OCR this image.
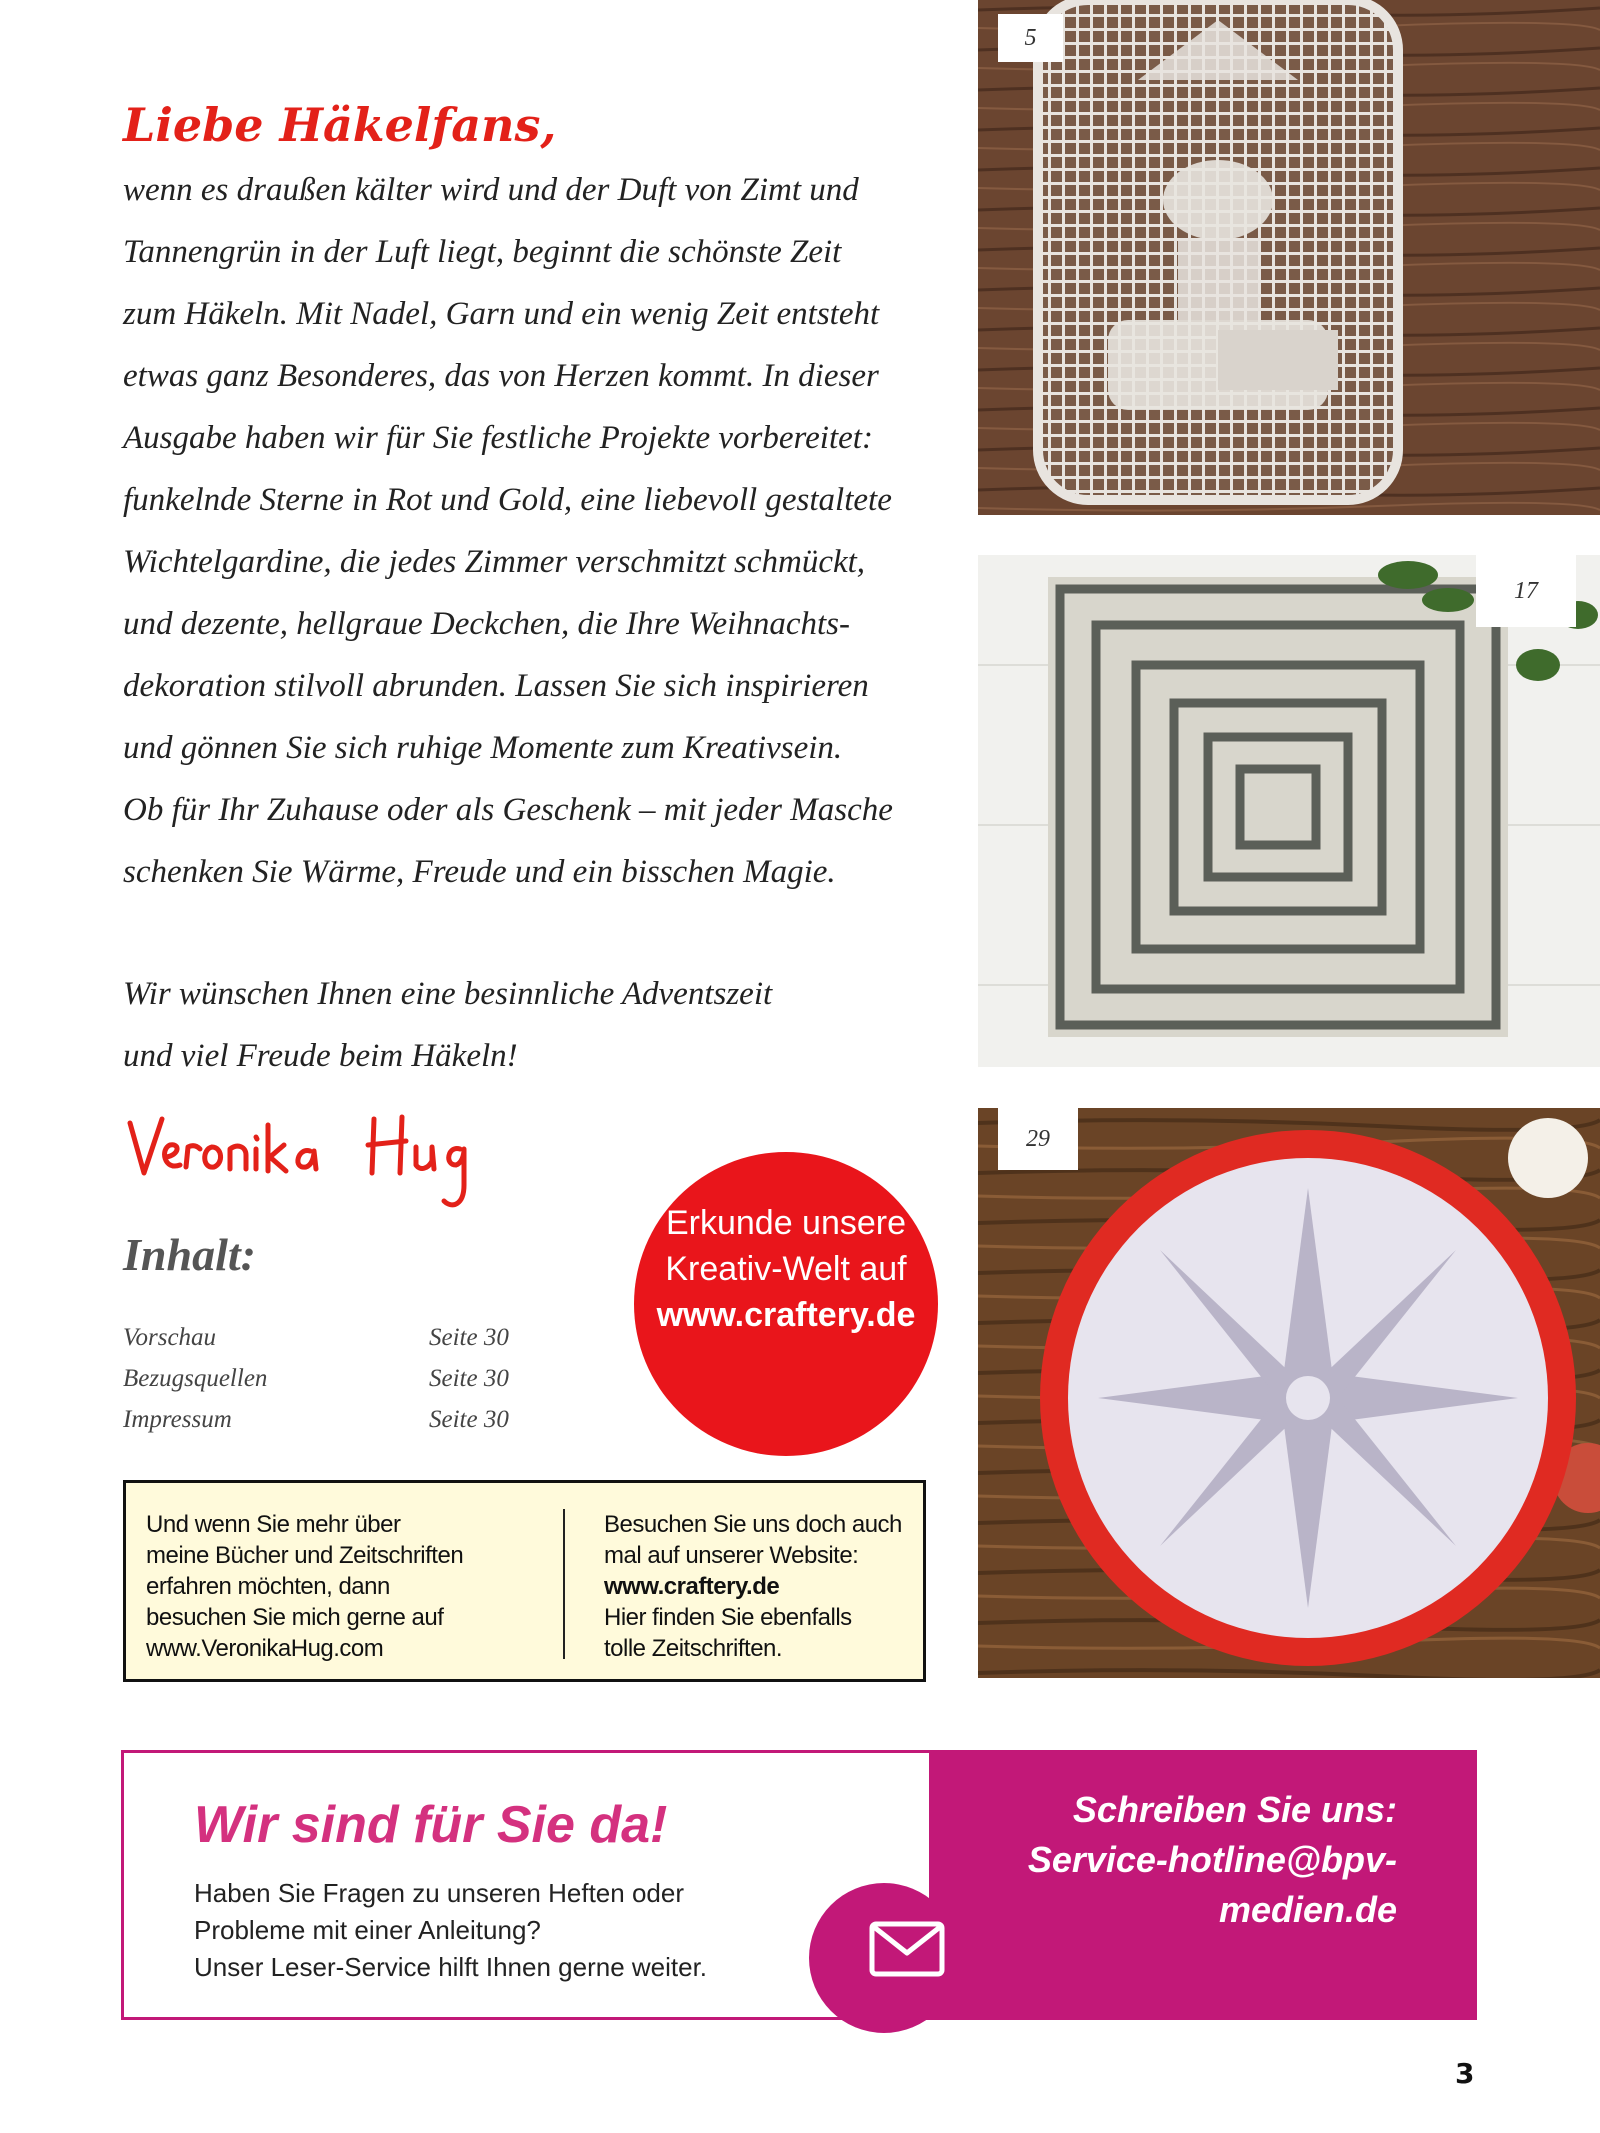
Liebe Häkelfans,
wenn es draußen kälter wird und der Duft von Zimt und
Tannengrün in der Luft liegt, beginnt die schönste Zeit
zum Häkeln. Mit Nadel, Garn und ein wenig Zeit entsteht
etwas ganz Besonderes, das von Herzen kommt. In dieser
Ausgabe haben wir für Sie festliche Projekte vorbereitet:
funkelnde Sterne in Rot und Gold, eine liebevoll gestaltete
Wichtelgardine, die jedes Zimmer verschmitzt schmückt,
und dezente, hellgraue Deckchen, die Ihre Weihnachts-
dekoration stilvoll abrunden. Lassen Sie sich inspirieren
und gönnen Sie sich ruhige Momente zum Kreativsein.
Ob für Ihr Zuhause oder als Geschenk – mit jeder Masche
schenken Sie Wärme, Freude und ein bisschen Magie.
Wir wünschen Ihnen eine besinnliche Adventszeit
und viel Freude beim Häkeln!
Inhalt:
Vorschau	Seite 30
Bezugsquellen	Seite 30
Impressum	Seite 30
Erkunde unsere
Kreativ-Welt auf
www.craftery.de
Und wenn Sie mehr über
meine Bücher und Zeitschriften
erfahren möchten, dann
besuchen Sie mich gerne auf
www.VeronikaHug.com
Besuchen Sie uns doch auch
mal auf unserer Website:
www.craftery.de
Hier finden Sie ebenfalls
tolle Zeitschriften.
5
17
29
Wir sind für Sie da!
Haben Sie Fragen zu unseren Heften oder
Probleme mit einer Anleitung?
Unser Leser-Service hilft Ihnen gerne weiter.
Schreiben Sie uns:
Service-hotline@bpv-
medien.de
3
